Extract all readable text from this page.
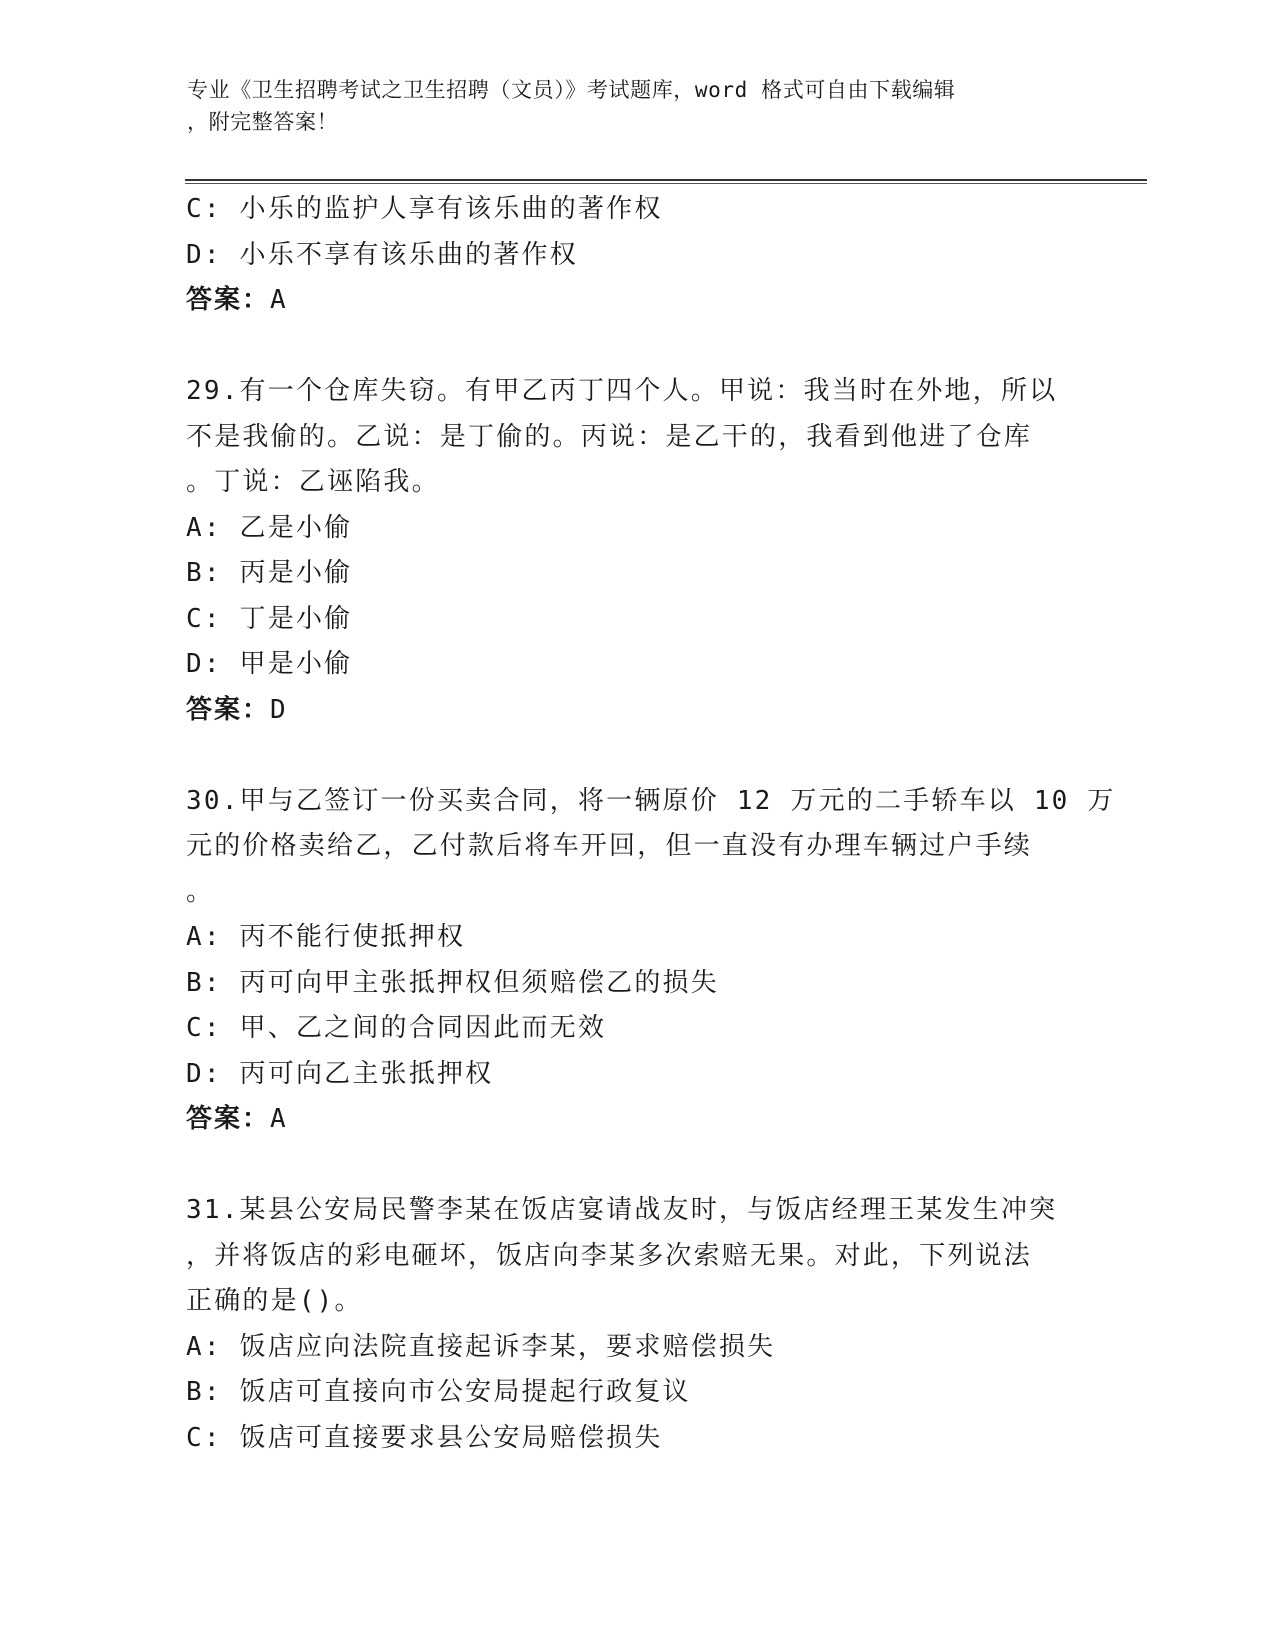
专业《卫生招聘考试之卫生招聘（文员）》考试题库，word 格式可自由下载编辑
，附完整答案！
C: 小乐的监护人享有该乐曲的著作权
D: 小乐不享有该乐曲的著作权
答案：A
29.有一个仓库失窃。有甲乙丙丁四个人。甲说：我当时在外地，所以
不是我偷的。乙说：是丁偷的。丙说：是乙干的，我看到他进了仓库
。丁说：乙诬陷我。
A: 乙是小偷
B: 丙是小偷
C: 丁是小偷
D: 甲是小偷
答案：D
30.甲与乙签订一份买卖合同，将一辆原价 12 万元的二手轿车以 10 万
元的价格卖给乙，乙付款后将车开回，但一直没有办理车辆过户手续
。
A: 丙不能行使抵押权
B: 丙可向甲主张抵押权但须赔偿乙的损失
C: 甲、乙之间的合同因此而无效
D: 丙可向乙主张抵押权
答案：A
31.某县公安局民警李某在饭店宴请战友时，与饭店经理王某发生冲突
，并将饭店的彩电砸坏，饭店向李某多次索赔无果。对此，下列说法
正确的是()。
A: 饭店应向法院直接起诉李某，要求赔偿损失
B: 饭店可直接向市公安局提起行政复议
C: 饭店可直接要求县公安局赔偿损失
